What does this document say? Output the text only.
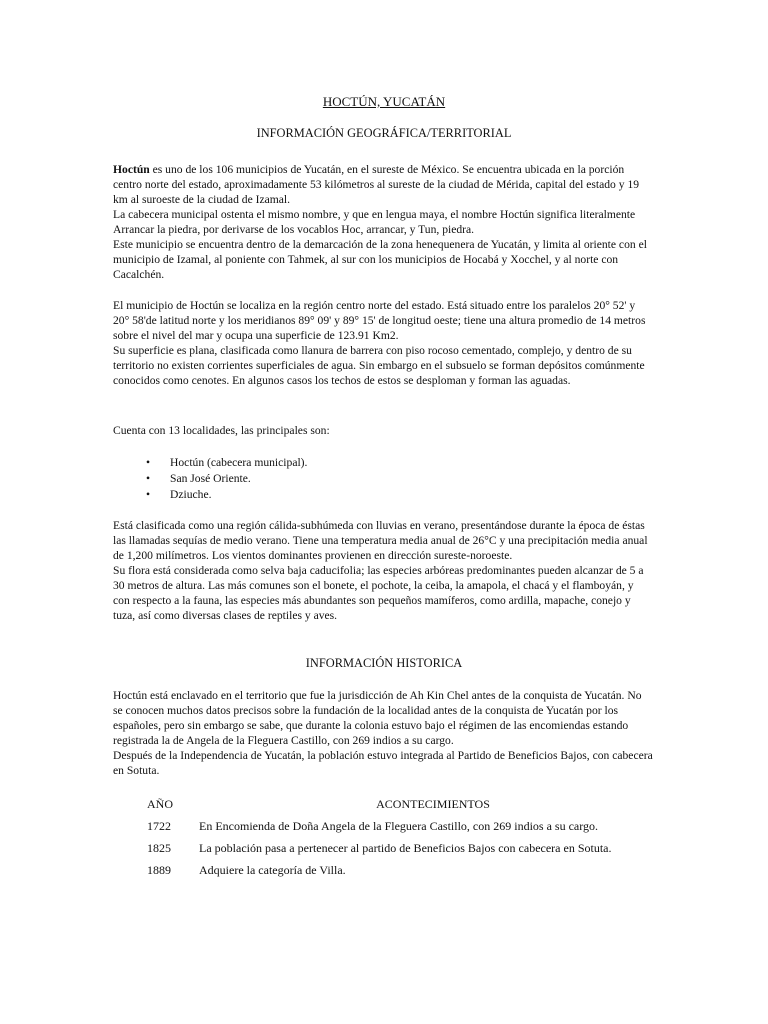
HOCTÚN, YUCATÁN
INFORMACIÓN GEOGRÁFICA/TERRITORIAL

Hoctún es uno de los 106 municipios de Yucatán, en el sureste de México. Se encuentra ubicada en la porción centro norte del estado, aproximadamente 53 kilómetros al sureste de la ciudad de Mérida, capital del estado y 19 km al suroeste de la ciudad de Izamal.

La cabecera municipal ostenta el mismo nombre, y que en lengua maya, el nombre Hoctún significa literalmente Arrancar la piedra, por derivarse de los vocablos Hoc, arrancar, y Tun, piedra.

Este municipio se encuentra dentro de la demarcación de la zona henequenera de Yucatán, y limita al oriente con el municipio de Izamal, al poniente con Tahmek, al sur con los municipios de Hocabá y Xocchel, y al norte con Cacalchén.

El municipio de Hoctún se localiza en la región centro norte del estado. Está situado entre los paralelos 20° 52' y 20° 58'de latitud norte y los meridianos 89° 09' y 89° 15' de longitud oeste; tiene una altura promedio de 14 metros sobre el nivel del mar y ocupa una superficie de 123.91 Km2.

Su superficie es plana, clasificada como llanura de barrera con piso rocoso cementado, complejo, y dentro de su territorio no existen corrientes superficiales de agua. Sin embargo en el subsuelo se forman depósitos comúnmente conocidos como cenotes. En algunos casos los techos de estos se desploman y forman las aguadas.

Cuenta con 13 localidades, las principales son:
• Hoctún (cabecera municipal).
• San José Oriente.
• Dziuche.

Está clasificada como una región cálida-subhúmeda con lluvias en verano, presentándose durante la época de éstas las llamadas sequías de medio verano. Tiene una temperatura media anual de 26°C y una precipitación media anual de 1,200 milímetros. Los vientos dominantes provienen en dirección sureste-noroeste.

Su flora está considerada como selva baja caducifolia; las especies arbóreas predominantes pueden alcanzar de 5 a 30 metros de altura. Las más comunes son el bonete, el pochote, la ceiba, la amapola, el chacá y el flamboyán, y con respecto a la fauna, las especies más abundantes son pequeños mamíferos, como ardilla, mapache, conejo y tuza, así como diversas clases de reptiles y aves.

INFORMACIÓN HISTORICA

Hoctún está enclavado en el territorio que fue la jurisdicción de Ah Kin Chel antes de la conquista de Yucatán. No se conocen muchos datos precisos sobre la fundación de la localidad antes de la conquista de Yucatán por los españoles, pero sin embargo se sabe, que durante la colonia estuvo bajo el régimen de las encomiendas estando registrada la de Angela de la Fleguera Castillo, con 269 indios a su cargo.

Después de la Independencia de Yucatán, la población estuvo integrada al Partido de Beneficios Bajos, con cabecera en Sotuta.

AÑO	ACONTECIMIENTOS
1722	En Encomienda de Doña Angela de la Fleguera Castillo, con 269 indios a su cargo.
1825	La población pasa a pertenecer al partido de Beneficios Bajos con cabecera en Sotuta.
1889	Adquiere la categoría de Villa.
